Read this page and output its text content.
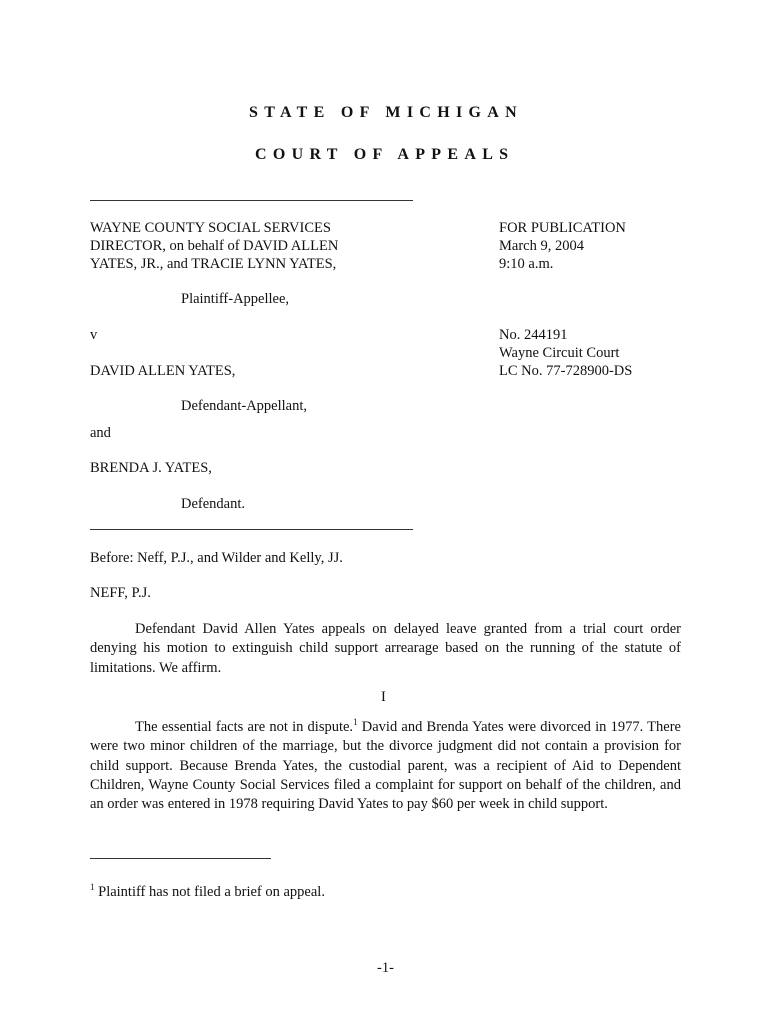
STATE OF MICHIGAN
COURT OF APPEALS
WAYNE COUNTY SOCIAL SERVICES
DIRECTOR, on behalf of DAVID ALLEN
YATES, JR., and TRACIE LYNN YATES,
Plaintiff-Appellee,
v
DAVID ALLEN YATES,
Defendant-Appellant,
and
BRENDA J. YATES,
Defendant.
FOR PUBLICATION
March 9, 2004
9:10 a.m.
No. 244191
Wayne Circuit Court
LC No. 77-728900-DS
Before: Neff, P.J., and Wilder and Kelly, JJ.
NEFF, P.J.
Defendant David Allen Yates appeals on delayed leave granted from a trial court order denying his motion to extinguish child support arrearage based on the running of the statute of limitations. We affirm.
I
The essential facts are not in dispute.$^1$ David and Brenda Yates were divorced in 1977. There were two minor children of the marriage, but the divorce judgment did not contain a provision for child support. Because Brenda Yates, the custodial parent, was a recipient of Aid to Dependent Children, Wayne County Social Services filed a complaint for support on behalf of the children, and an order was entered in 1978 requiring David Yates to pay $60 per week in child support.
$^1$ Plaintiff has not filed a brief on appeal.
-1-
